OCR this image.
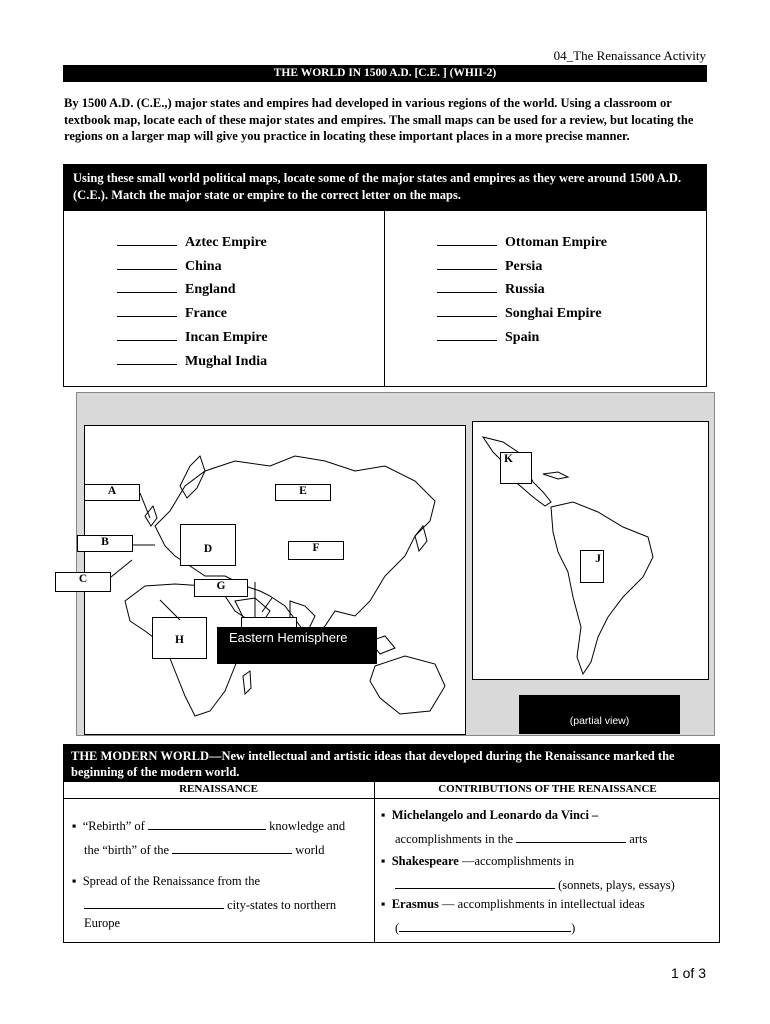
04_The Renaissance Activity
THE WORLD IN 1500 A.D. [C.E. ] (WHII-2)
By 1500 A.D. (C.E.,) major states and empires had developed in various regions of the world. Using a classroom or textbook map, locate each of these major states and empires. The small maps can be used for a review, but locating the regions on a larger map will give you practice in locating these important places in a more precise manner.
Using these small world political maps, locate some of the major states and empires as they were around 1500 A.D. (C.E.). Match the major state or empire to the correct letter on the maps.
Aztec Empire
China
England
France
Incan Empire
Mughal India
Ottoman Empire
Persia
Russia
Songhai Empire
Spain
A	E
B
D	F
C
G
H	Eastern Hemisphere
K
J
(partial view)
THE MODERN WORLD—New intellectual and artistic ideas that developed during the Renaissance marked the beginning of the modern world.
RENAISSANCE	CONTRIBUTIONS OF THE RENAISSANCE
▪  “Rebirth” of	knowledge and
the “birth” of the	world
▪  Spread of the Renaissance from the
city-states to northern
Europe
▪  Michelangelo and Leonardo da Vinci –
accomplishments in the	arts
▪  Shakespeare —accomplishments in
(sonnets, plays, essays)
▪  Erasmus — accomplishments in intellectual ideas
(	)
1 of 3
